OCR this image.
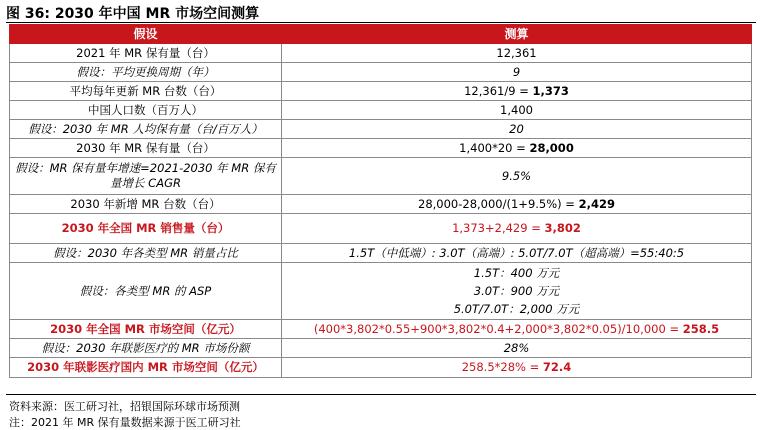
图 36: 2030 年中国 MR 市场空间测算
假设	测算
2021 年 MR 保有量（台）	12,361
假设：平均更换周期（年）	9
平均每年更新 MR 台数（台）	12,361/9 = 1,373
中国人口数（百万人）	1,400
假设：2030 年 MR 人均保有量（台/百万人）	20
2030 年 MR 保有量（台）	1,400*20 = 28,000
假设：MR 保有量年增速=2021-2030 年 MR 保有量增长 CAGR	9.5%
2030 年新增 MR 台数（台）	28,000-28,000/(1+9.5%) = 2,429
2030 年全国 MR 销售量（台）	1,373+2,429 = 3,802
假设：2030 年各类型 MR 销量占比	1.5T（中低端）: 3.0T（高端）: 5.0T/7.0T（超高端）=55:40:5
假设：各类型 MR 的 ASP	1.5T：400 万元
3.0T：900 万元
5.0T/7.0T：2,000 万元

2030 年全国 MR 市场空间（亿元）	(400*3,802*0.55+900*3,802*0.4+2,000*3,802*0.05)/10,000 = 258.5
假设：2030 年联影医疗的 MR 市场份额	28%
2030 年联影医疗国内 MR 市场空间（亿元）	258.5*28% = 72.4
资料来源：医工研习社，招银国际环球市场预测
注：2021 年 MR 保有量数据来源于医工研习社
